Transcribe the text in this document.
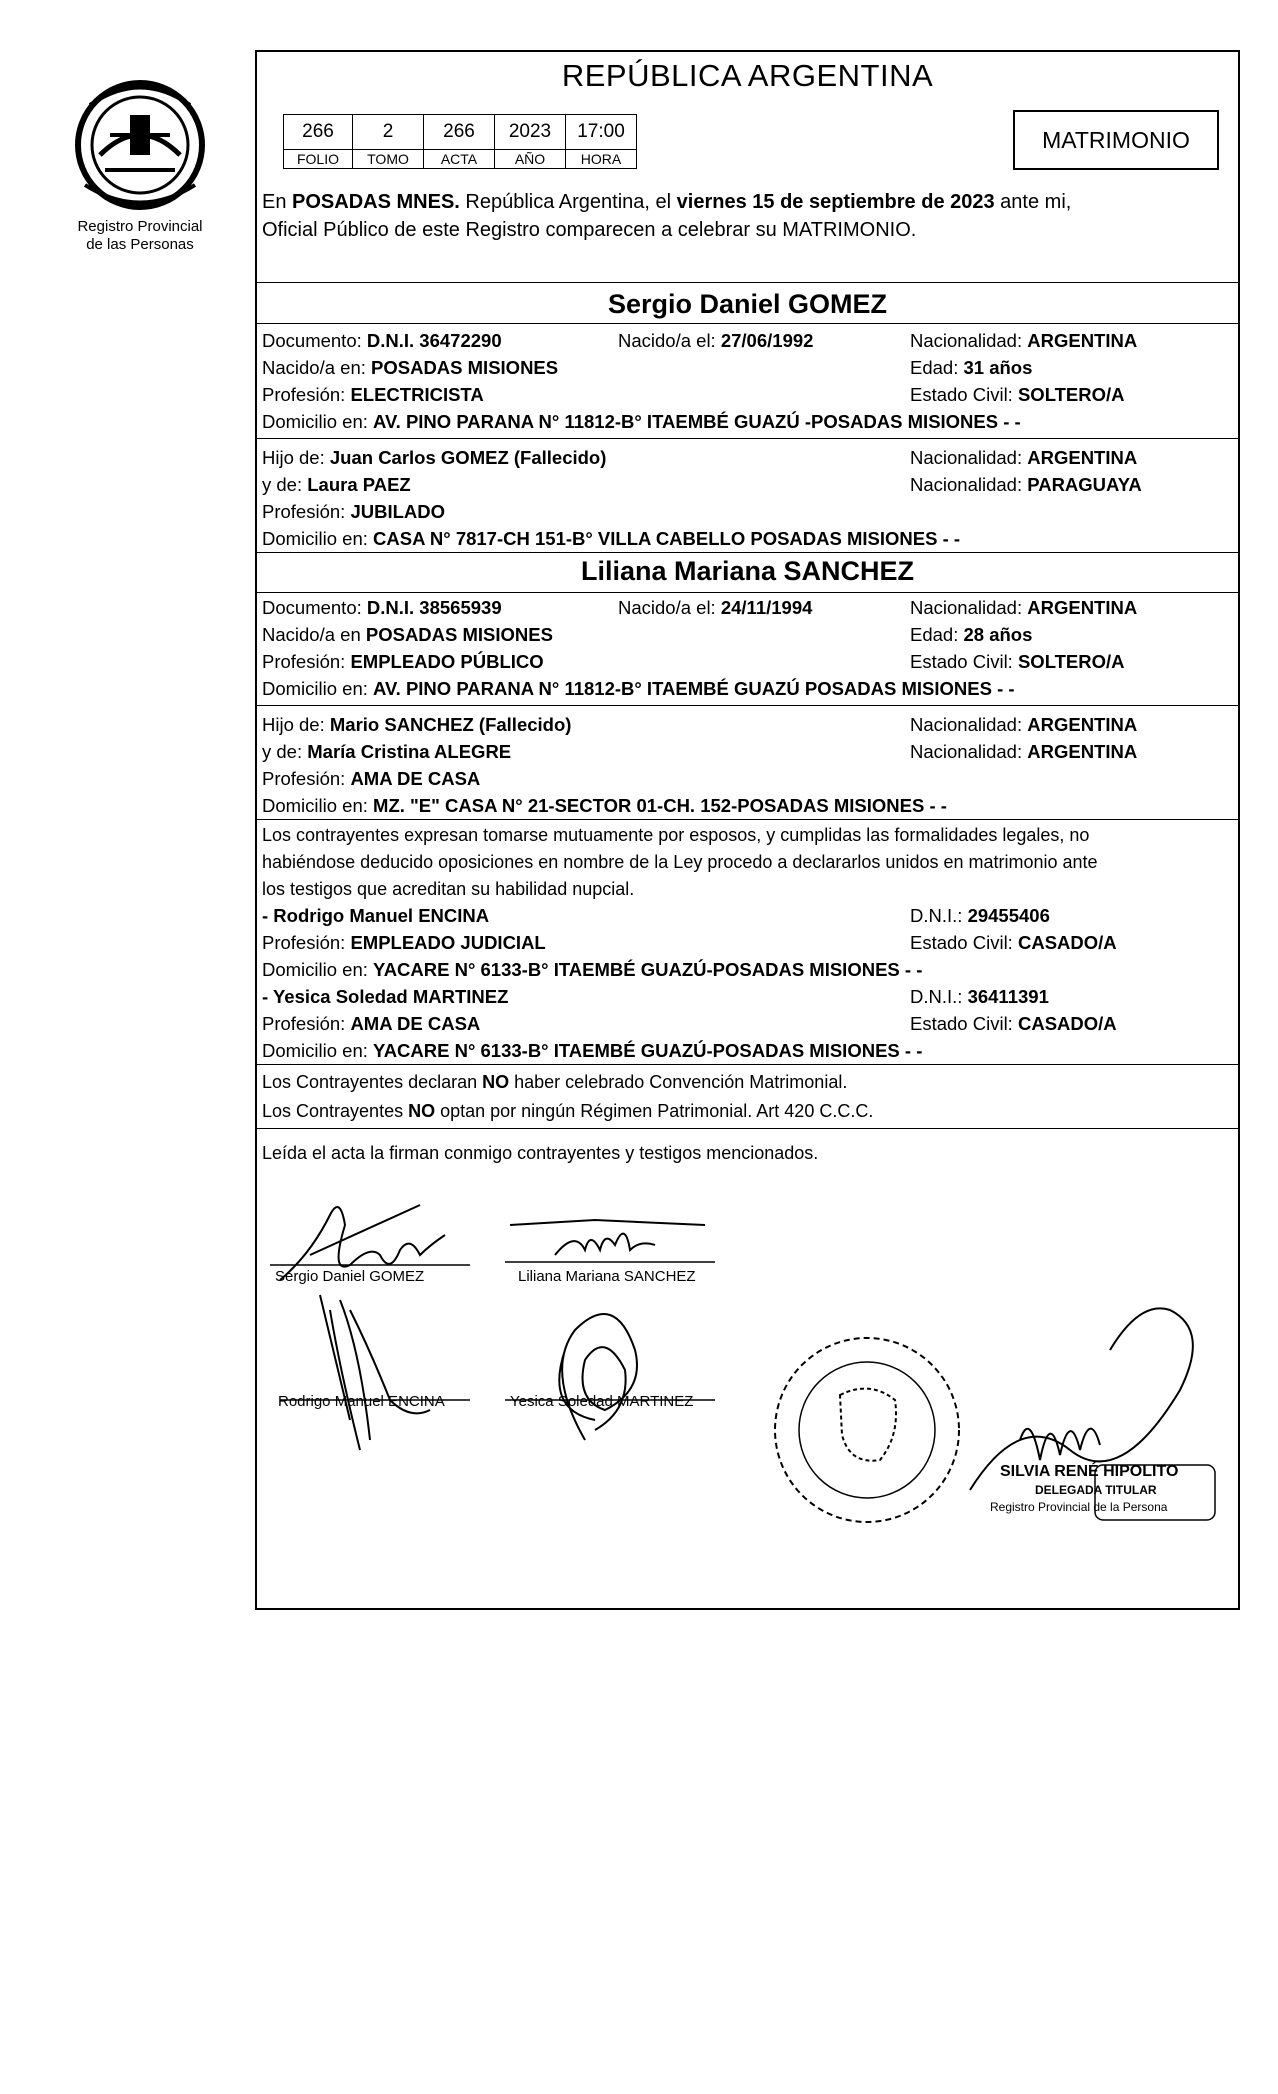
Registro Provincial
de las Personas
REPÚBLICA ARGENTINA
266	2	266	2023	17:00
FOLIO	TOMO	ACTA	AÑO	HORA
MATRIMONIO
En POSADAS MNES. República Argentina, el viernes 15 de septiembre de 2023 ante mi,
Oficial Público de este Registro comparecen a celebrar su MATRIMONIO.
Sergio Daniel GOMEZ
Documento: D.N.I. 36472290	Nacido/a el: 27/06/1992	Nacionalidad: ARGENTINA
Nacido/a en: POSADAS MISIONES	Edad: 31 años
Profesión: ELECTRICISTA	Estado Civil: SOLTERO/A
Domicilio en: AV. PINO PARANA N° 11812-B° ITAEMBÉ GUAZÚ -POSADAS MISIONES - -
Hijo de: Juan Carlos GOMEZ (Fallecido)	Nacionalidad: ARGENTINA
y de: Laura PAEZ	Nacionalidad: PARAGUAYA
Profesión: JUBILADO
Domicilio en: CASA N° 7817-CH 151-B° VILLA CABELLO POSADAS MISIONES - -
Liliana Mariana SANCHEZ
Documento: D.N.I. 38565939	Nacido/a el: 24/11/1994	Nacionalidad: ARGENTINA
Nacido/a en POSADAS MISIONES	Edad: 28 años
Profesión: EMPLEADO PÚBLICO	Estado Civil: SOLTERO/A
Domicilio en: AV. PINO PARANA N° 11812-B° ITAEMBÉ GUAZÚ POSADAS MISIONES - -
Hijo de: Mario SANCHEZ (Fallecido)	Nacionalidad: ARGENTINA
y de: María Cristina ALEGRE	Nacionalidad: ARGENTINA
Profesión: AMA DE CASA
Domicilio en: MZ. "E" CASA N° 21-SECTOR 01-CH. 152-POSADAS MISIONES - -
Los contrayentes expresan tomarse mutuamente por esposos, y cumplidas las formalidades legales, no
habiéndose deducido oposiciones en nombre de la Ley procedo a declararlos unidos en matrimonio ante
los testigos que acreditan su habilidad nupcial.
- Rodrigo Manuel ENCINA	D.N.I.: 29455406
Profesión: EMPLEADO JUDICIAL	Estado Civil: CASADO/A
Domicilio en: YACARE N° 6133-B° ITAEMBÉ GUAZÚ-POSADAS MISIONES - -
- Yesica Soledad MARTINEZ	D.N.I.: 36411391
Profesión: AMA DE CASA	Estado Civil: CASADO/A
Domicilio en: YACARE N° 6133-B° ITAEMBÉ GUAZÚ-POSADAS MISIONES - -
Los Contrayentes declaran NO haber celebrado Convención Matrimonial.
Los Contrayentes NO optan por ningún Régimen Patrimonial. Art 420 C.C.C.
Leída el acta la firman conmigo contrayentes y testigos mencionados.
Sergio Daniel GOMEZ	Liliana Mariana SANCHEZ
Rodrigo Manuel ENCINA	Yesica Soledad MARTINEZ
SILVIA RENÉ HIPOLITO
DELEGADA TITULAR
Registro Provincial de la Persona
